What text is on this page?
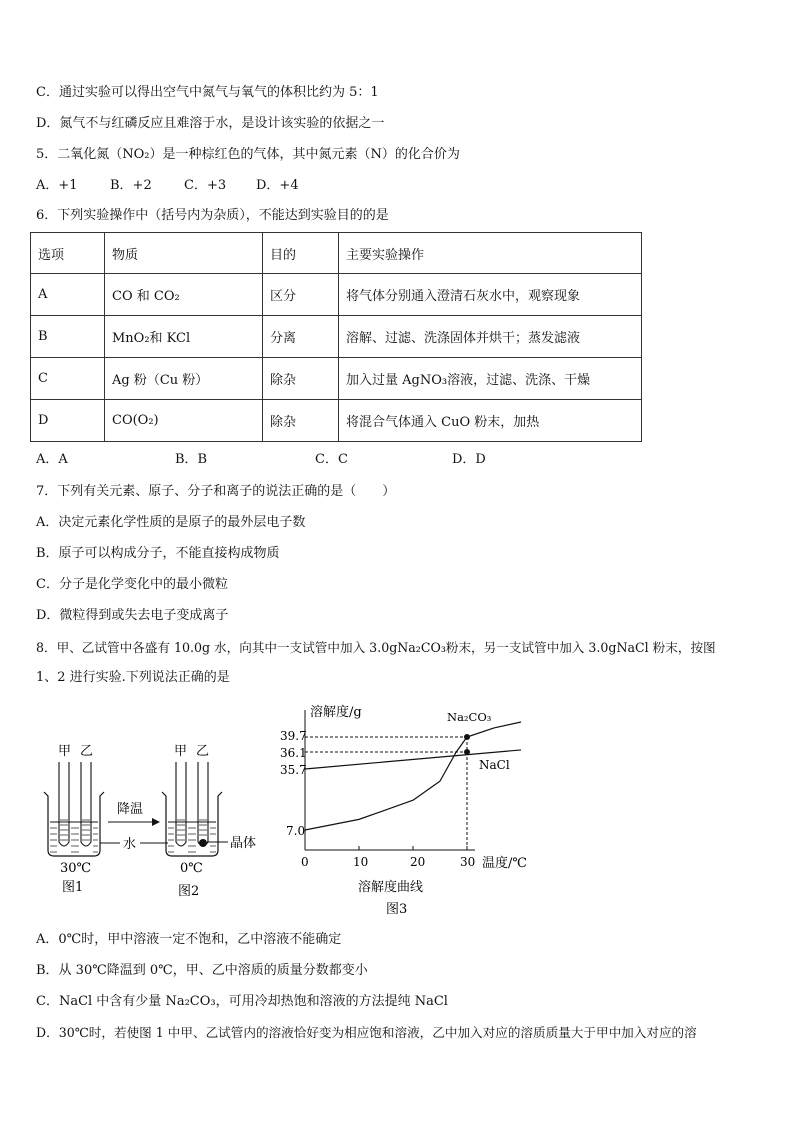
C．通过实验可以得出空气中氮气与氧气的体积比约为 5：1
D．氮气不与红磷反应且难溶于水，是设计该实验的依据之一
5．二氧化氮（NO₂）是一种棕红色的气体，其中氮元素（N）的化合价为
A．+1 B．+2 C．+3 D．+4
6．下列实验操作中（括号内为杂质），不能达到实验目的的是
选项	物质	目的	主要实验操作
A	CO 和 CO₂	区分	将气体分别通入澄清石灰水中，观察现象
B	MnO₂和 KCl	分离	溶解、过滤、洗涤固体并烘干；蒸发滤液
C	Ag 粉（Cu 粉）	除杂	加入过量 AgNO₃溶液，过滤、洗涤、干燥
D	CO(O₂)	除杂	将混合气体通入 CuO 粉末，加热
A．A	B．B	C．C	D．D
7．下列有关元素、原子、分子和离子的说法正确的是（　　）
A．决定元素化学性质的是原子的最外层电子数
B．原子可以构成分子，不能直接构成物质
C．分子是化学变化中的最小微粒
D．微粒得到或失去电子变成离子
8．甲、乙试管中各盛有 10.0g 水，向其中一支试管中加入 3.0gNa₂CO₃粉末，另一支试管中加入 3.0gNaCl 粉末，按图
1、2 进行实验.下列说法正确的是
甲 乙
30℃
图1
降温
水	晶体
甲 乙
0℃
图2
溶解度/g
温度/℃
溶解度曲线
图3
Na₂CO₃
NaCl
39.7
36.1
35.7
7.0
0	10	20	30
A．0℃时，甲中溶液一定不饱和，乙中溶液不能确定
B．从 30℃降温到 0℃，甲、乙中溶质的质量分数都变小
C．NaCl 中含有少量 Na₂CO₃，可用冷却热饱和溶液的方法提纯 NaCl
D．30℃时，若使图 1 中甲、乙试管内的溶液恰好变为相应饱和溶液，乙中加入对应的溶质质量大于甲中加入对应的溶
